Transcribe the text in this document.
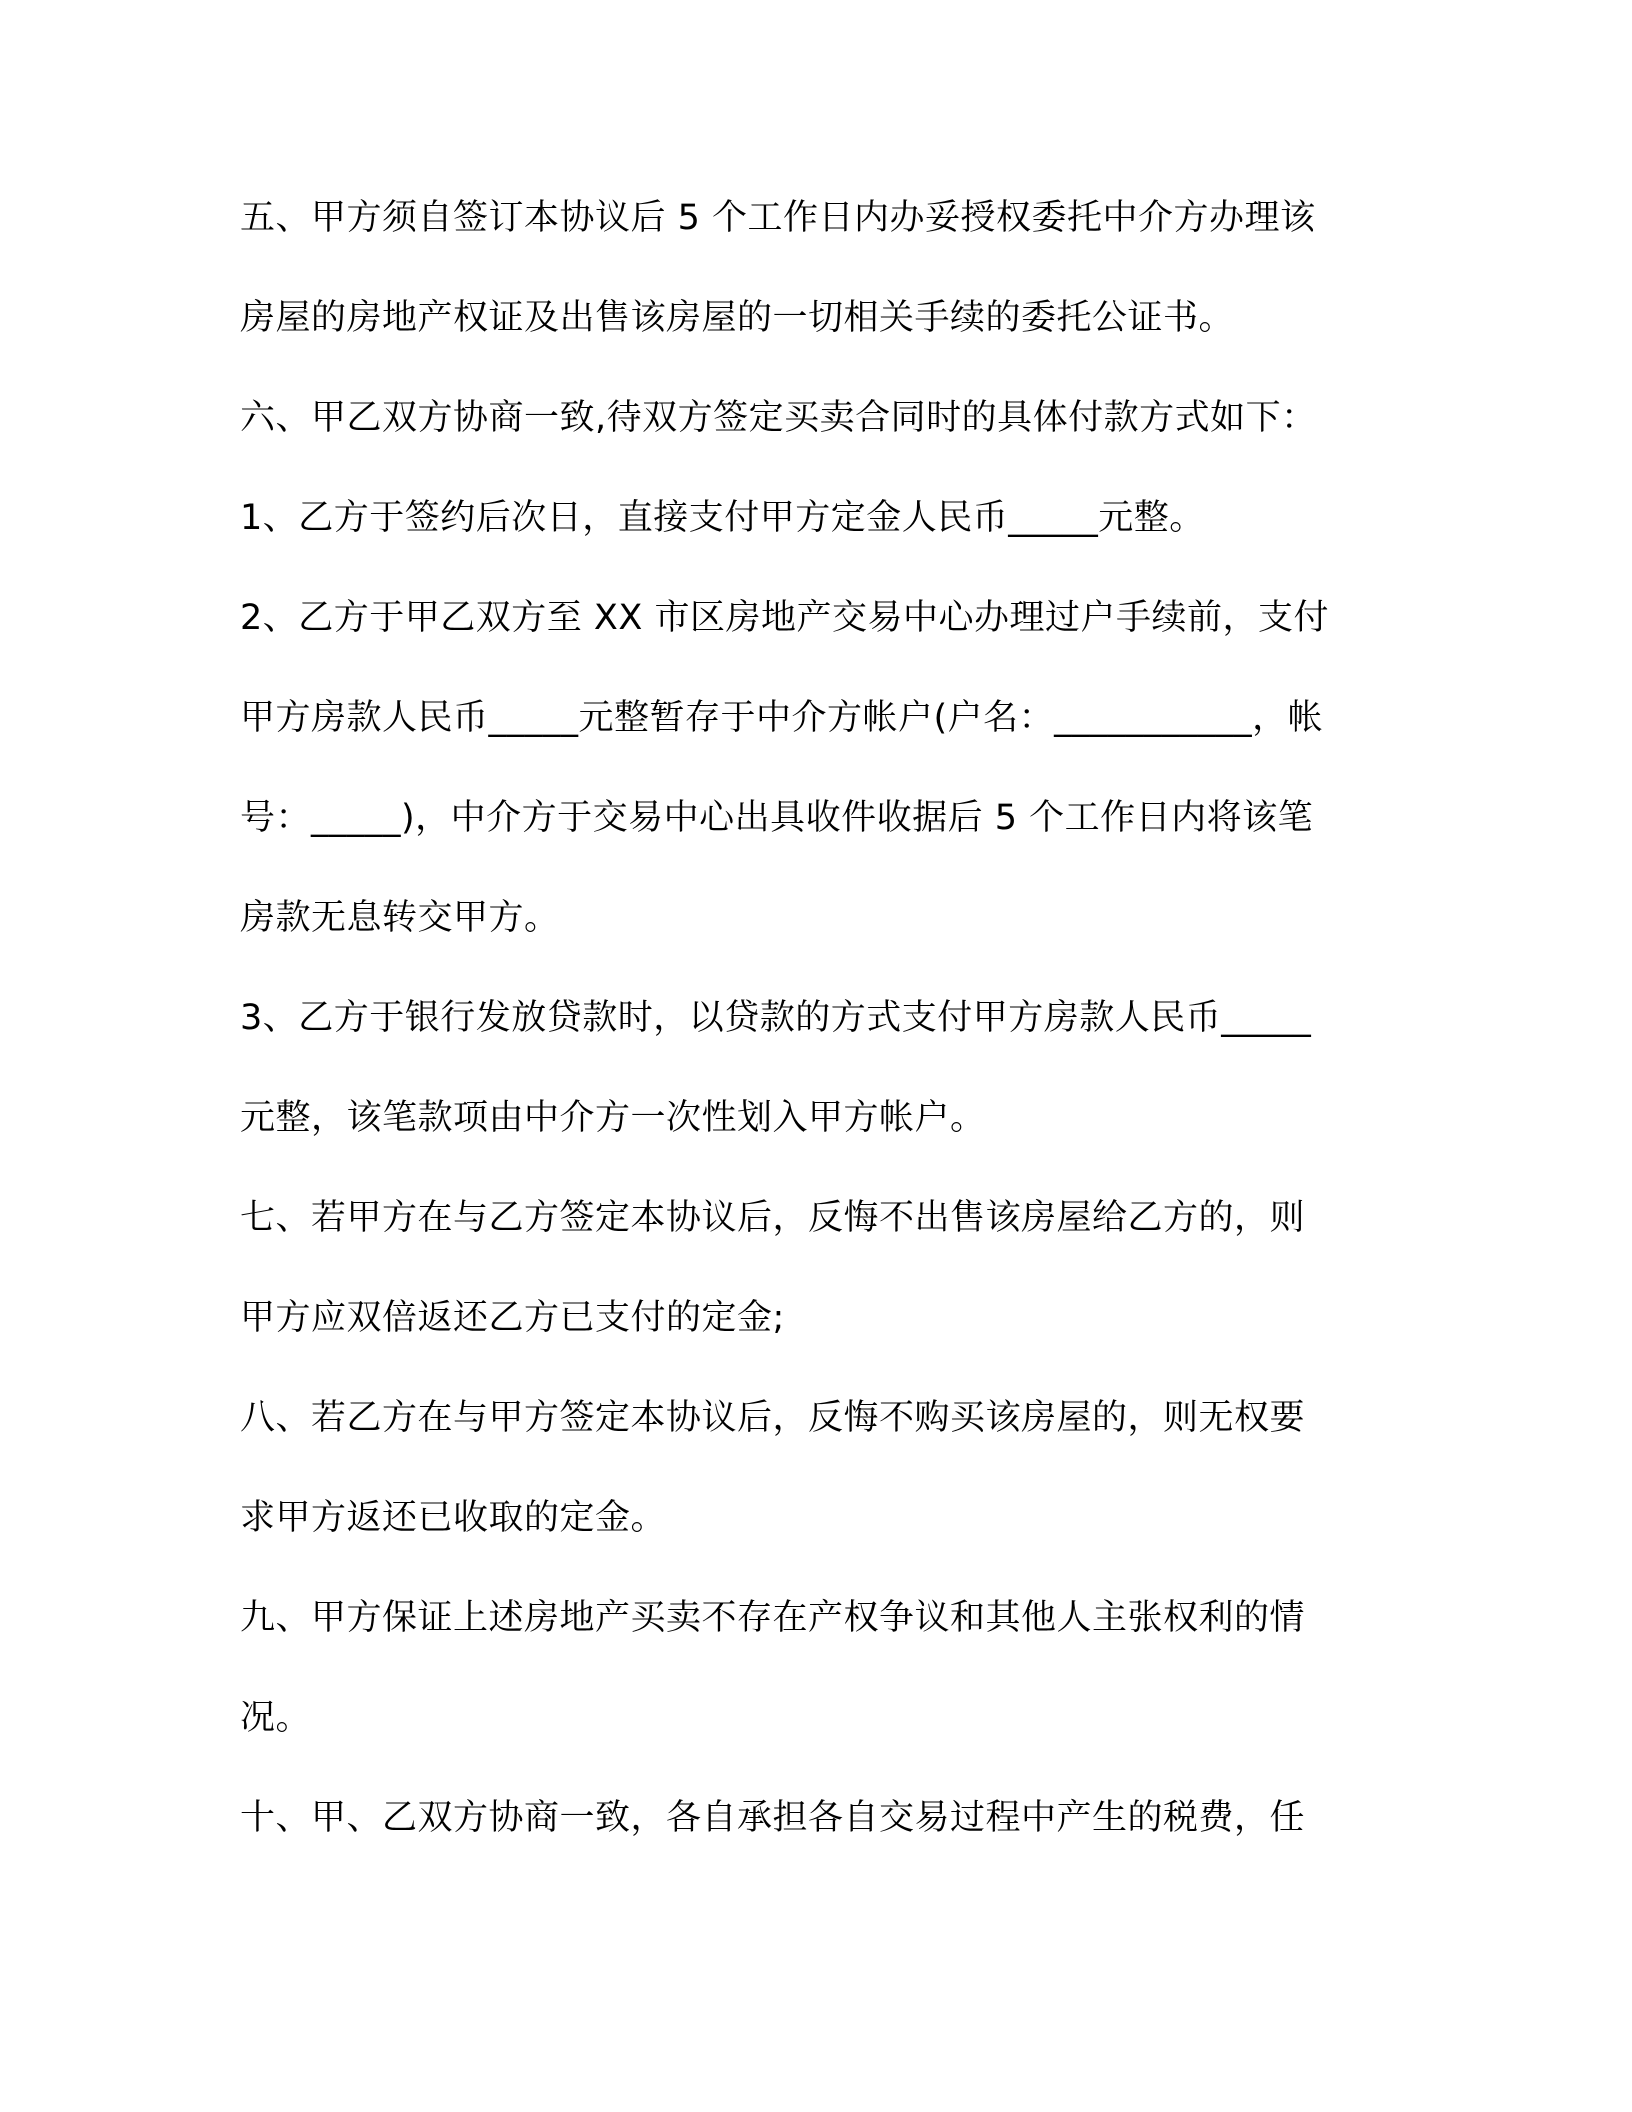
五、甲方须自签订本协议后 5 个工作日内办妥授权委托中介方办理该
房屋的房地产权证及出售该房屋的一切相关手续的委托公证书。
六、甲乙双方协商一致,待双方签定买卖合同时的具体付款方式如下：
1、乙方于签约后次日，直接支付甲方定金人民币_____元整。
2、乙方于甲乙双方至 XX 市区房地产交易中心办理过户手续前，支付
甲方房款人民币_____元整暂存于中介方帐户(户名：___________，帐
号：_____)，中介方于交易中心出具收件收据后 5 个工作日内将该笔
房款无息转交甲方。
3、乙方于银行发放贷款时，以贷款的方式支付甲方房款人民币_____
元整，该笔款项由中介方一次性划入甲方帐户。
七、若甲方在与乙方签定本协议后，反悔不出售该房屋给乙方的，则
甲方应双倍返还乙方已支付的定金;
八、若乙方在与甲方签定本协议后，反悔不购买该房屋的，则无权要
求甲方返还已收取的定金。
九、甲方保证上述房地产买卖不存在产权争议和其他人主张权利的情
况。
十、甲、乙双方协商一致，各自承担各自交易过程中产生的税费，任
